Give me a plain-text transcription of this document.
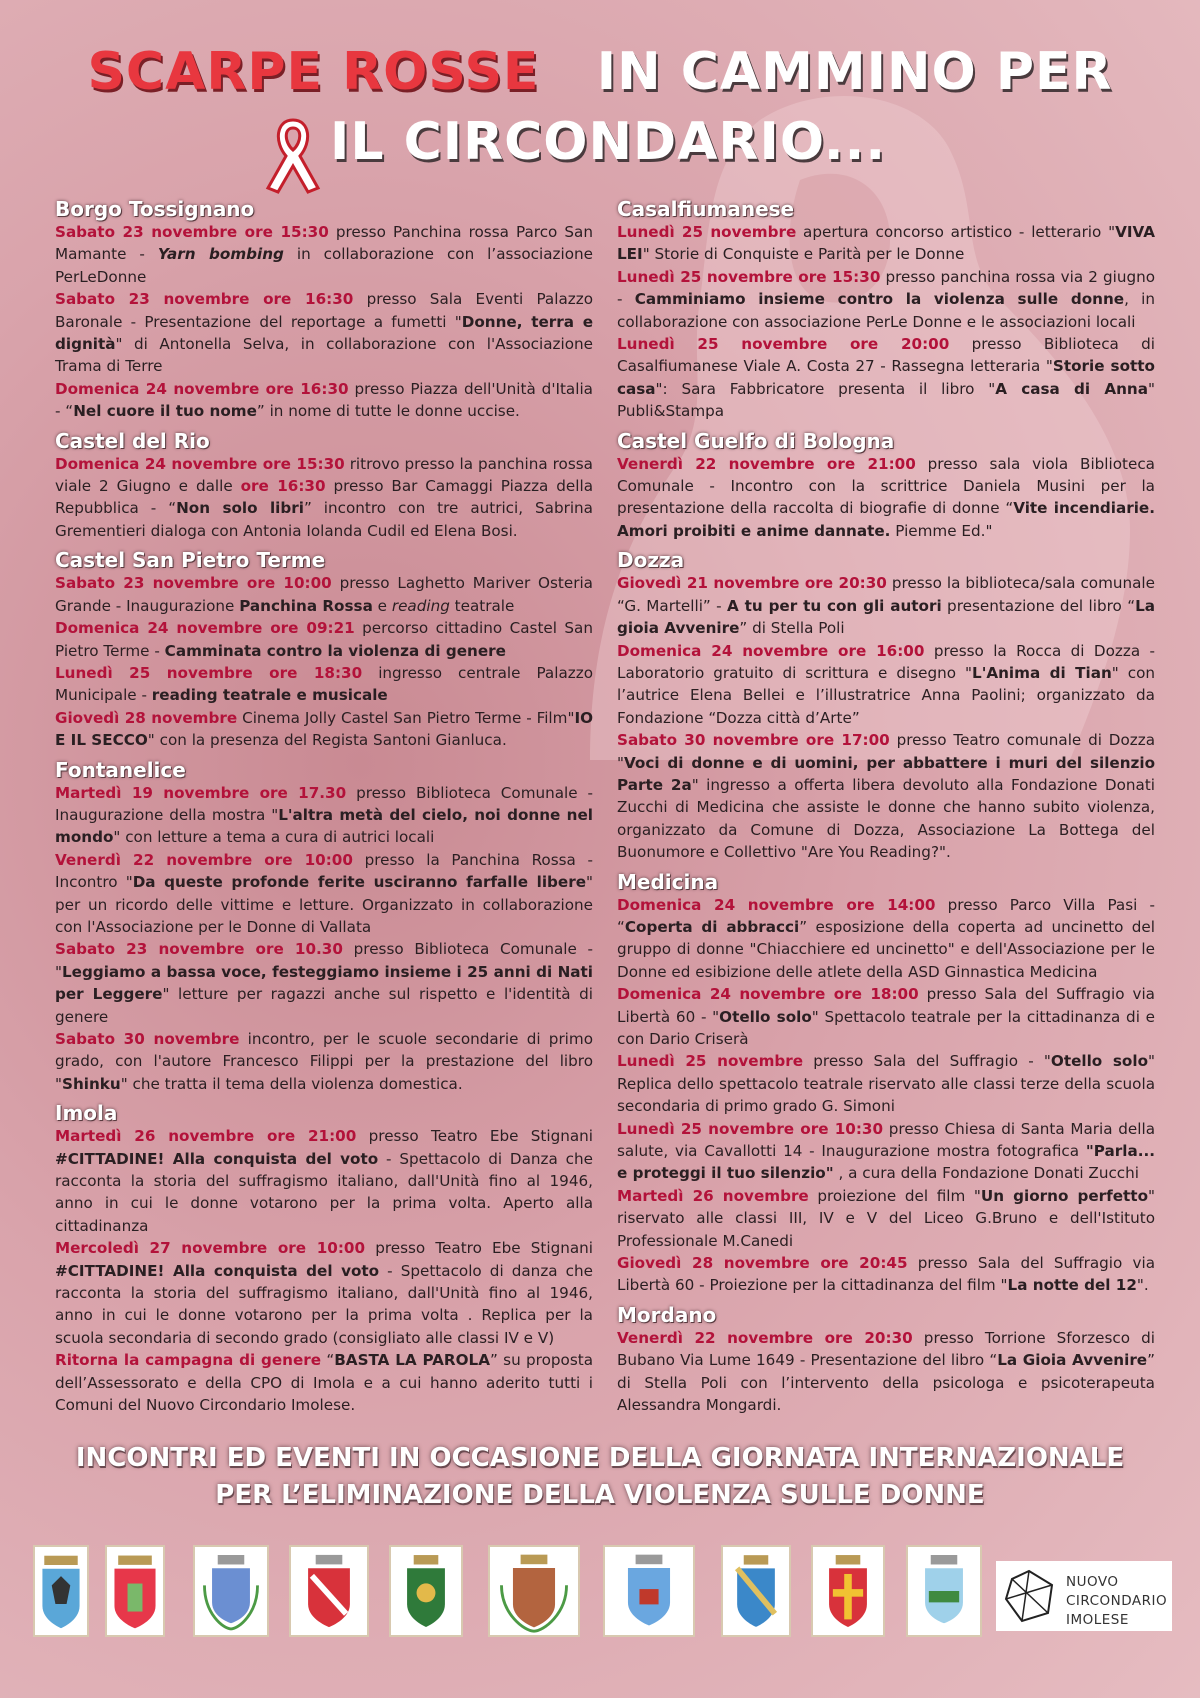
SCARPE ROSSE IN CAMMINO PER
IL CIRCONDARIO...
Borgo Tossignano
Sabato 23 novembre ore 15:30 presso Panchina rossa Parco San Mamante - Yarn bombing in collaborazione con l’associazione PerLeDonne
Sabato 23 novembre ore 16:30 presso Sala Eventi Palazzo Baronale - Presentazione del reportage a fumetti "Donne, terra e dignità" di Antonella Selva, in collaborazione con l'Associazione Trama di Terre
Domenica 24 novembre ore 16:30 presso Piazza dell'Unità d'Italia - “Nel cuore il tuo nome” in nome di tutte le donne uccise.
Castel del Rio
Domenica 24 novembre ore 15:30 ritrovo presso la panchina rossa viale 2 Giugno e dalle ore 16:30 presso Bar Camaggi Piazza della Repubblica - “Non solo libri” incontro con tre autrici, Sabrina Grementieri dialoga con Antonia Iolanda Cudil ed Elena Bosi.
Castel San Pietro Terme
Sabato 23 novembre ore 10:00 presso Laghetto Mariver Osteria Grande - Inaugurazione Panchina Rossa e reading teatrale
Domenica 24 novembre ore 09:21 percorso cittadino Castel San Pietro Terme - Camminata contro la violenza di genere
Lunedì 25 novembre ore 18:30 ingresso centrale Palazzo Municipale - reading teatrale e musicale
Giovedì 28 novembre Cinema Jolly Castel San Pietro Terme - Film"IO E IL SECCO" con la presenza del Regista Santoni Gianluca.
Fontanelice
Martedì 19 novembre ore 17.30 presso Biblioteca Comunale - Inaugurazione della mostra "L'altra metà del cielo, noi donne nel mondo" con letture a tema a cura di autrici locali
Venerdì 22 novembre ore 10:00 presso la Panchina Rossa - Incontro "Da queste profonde ferite usciranno farfalle libere" per un ricordo delle vittime e letture. Organizzato in collaborazione con l'Associazione per le Donne di Vallata
Sabato 23 novembre ore 10.30 presso Biblioteca Comunale - "Leggiamo a bassa voce, festeggiamo insieme i 25 anni di Nati per Leggere" letture per ragazzi anche sul rispetto e l'identità di genere
Sabato 30 novembre incontro, per le scuole secondarie di primo grado, con l'autore Francesco Filippi per la prestazione del libro "Shinku" che tratta il tema della violenza domestica.
Imola
Martedì 26 novembre ore 21:00 presso Teatro Ebe Stignani #CITTADINE! Alla conquista del voto - Spettacolo di Danza che racconta la storia del suffragismo italiano, dall'Unità fino al 1946, anno in cui le donne votarono per la prima volta. Aperto alla cittadinanza
Mercoledì 27 novembre ore 10:00 presso Teatro Ebe Stignani #CITTADINE! Alla conquista del voto - Spettacolo di danza che racconta la storia del suffragismo italiano, dall'Unità fino al 1946, anno in cui le donne votarono per la prima volta . Replica per la scuola secondaria di secondo grado (consigliato alle classi IV e V)
Ritorna la campagna di genere “BASTA LA PAROLA” su proposta dell’Assessorato e della CPO di Imola e a cui hanno aderito tutti i Comuni del Nuovo Circondario Imolese.
Casalfiumanese
Lunedì 25 novembre apertura concorso artistico - letterario "VIVA LEI" Storie di Conquiste e Parità per le Donne
Lunedì 25 novembre ore 15:30 presso panchina rossa via 2 giugno - Camminiamo insieme contro la violenza sulle donne, in collaborazione con associazione PerLe Donne e le associazioni locali
Lunedì 25 novembre ore 20:00 presso Biblioteca di Casalfiumanese Viale A. Costa 27 - Rassegna letteraria "Storie sotto casa": Sara Fabbricatore presenta il libro "A casa di Anna" Publi&Stampa
Castel Guelfo di Bologna
Venerdì 22 novembre ore 21:00 presso sala viola Biblioteca Comunale - Incontro con la scrittrice Daniela Musini per la presentazione della raccolta di biografie di donne “Vite incendiarie. Amori proibiti e anime dannate. Piemme Ed."
Dozza
Giovedì 21 novembre ore 20:30 presso la biblioteca/sala comunale “G. Martelli” - A tu per tu con gli autori presentazione del libro “La gioia Avvenire” di Stella Poli
Domenica 24 novembre ore 16:00 presso la Rocca di Dozza - Laboratorio gratuito di scrittura e disegno "L'Anima di Tian" con l’autrice Elena Bellei e l’illustratrice Anna Paolini; organizzato da Fondazione “Dozza città d’Arte”
Sabato 30 novembre ore 17:00 presso Teatro comunale di Dozza "Voci di donne e di uomini, per abbattere i muri del silenzio Parte 2a" ingresso a offerta libera devoluto alla Fondazione Donati Zucchi di Medicina che assiste le donne che hanno subito violenza, organizzato da Comune di Dozza, Associazione La Bottega del Buonumore e Collettivo "Are You Reading?".
Medicina
Domenica 24 novembre ore 14:00 presso Parco Villa Pasi - “Coperta di abbracci” esposizione della coperta ad uncinetto del gruppo di donne "Chiacchiere ed uncinetto" e dell'Associazione per le Donne ed esibizione delle atlete della ASD Ginnastica Medicina
Domenica 24 novembre ore 18:00 presso Sala del Suffragio via Libertà 60 - "Otello solo" Spettacolo teatrale per la cittadinanza di e con Dario Criserà
Lunedì 25 novembre presso Sala del Suffragio - "Otello solo" Replica dello spettacolo teatrale riservato alle classi terze della scuola secondaria di primo grado G. Simoni
Lunedì 25 novembre ore 10:30 presso Chiesa di Santa Maria della salute, via Cavallotti 14 - Inaugurazione mostra fotografica "Parla... e proteggi il tuo silenzio" , a cura della Fondazione Donati Zucchi
Martedì 26 novembre proiezione del film "Un giorno perfetto" riservato alle classi III, IV e V del Liceo G.Bruno e dell'Istituto Professionale M.Canedi
Giovedì 28 novembre ore 20:45 presso Sala del Suffragio via Libertà 60 - Proiezione per la cittadinanza del film "La notte del 12".
Mordano
Venerdì 22 novembre ore 20:30 presso Torrione Sforzesco di Bubano Via Lume 1649 - Presentazione del libro “La Gioia Avvenire” di Stella Poli con l’intervento della psicologa e psicoterapeuta Alessandra Mongardi.
INCONTRI ED EVENTI IN OCCASIONE DELLA GIORNATA INTERNAZIONALE
PER L’ELIMINAZIONE DELLA VIOLENZA SULLE DONNE
NUOVO
CIRCONDARIO
IMOLESE
